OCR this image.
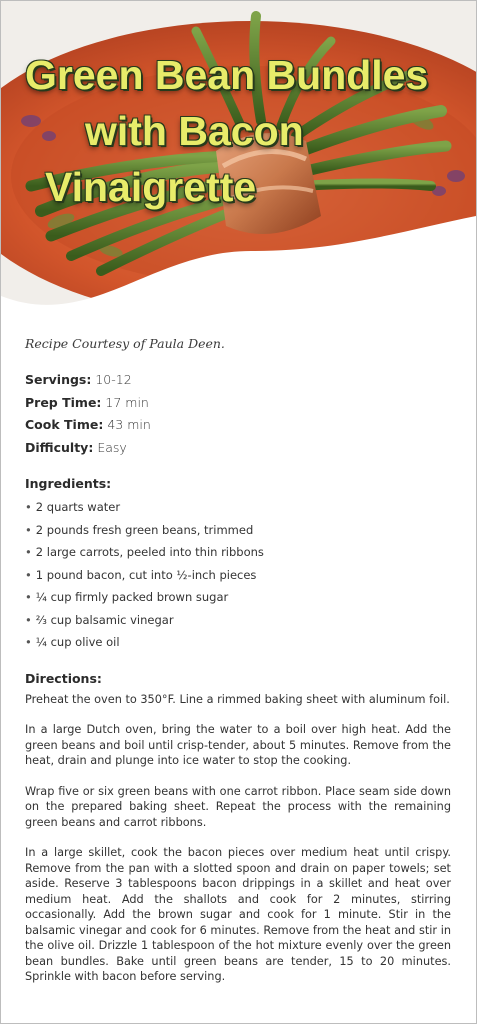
Green Bean Bundles
with Bacon
Vinaigrette

Recipe Courtesy of Paula Deen.

Servings: 10-12
Prep Time: 17 min
Cook Time: 43 min
Difficulty: Easy

Ingredients:

• 2 quarts water
• 2 pounds fresh green beans, trimmed
• 2 large carrots, peeled into thin ribbons
• 1 pound bacon, cut into ½-inch pieces
• ¼ cup firmly packed brown sugar
• ⅔ cup balsamic vinegar
• ¼ cup olive oil

Directions:

Preheat the oven to 350°F. Line a rimmed baking sheet with aluminum foil.

In a large Dutch oven, bring the water to a boil over high heat. Add the green beans and boil until crisp-tender, about 5 minutes. Remove from the heat, drain and plunge into ice water to stop the cooking.

Wrap five or six green beans with one carrot ribbon. Place seam side down on the prepared baking sheet. Repeat the process with the remaining green beans and carrot ribbons.

In a large skillet, cook the bacon pieces over medium heat until crispy. Remove from the pan with a slotted spoon and drain on paper towels; set aside. Reserve 3 tablespoons bacon drippings in a skillet and heat over medium heat. Add the shallots and cook for 2 minutes, stirring occasionally. Add the brown sugar and cook for 1 minute. Stir in the balsamic vinegar and cook for 6 minutes. Remove from the heat and stir in the olive oil. Drizzle 1 tablespoon of the hot mixture evenly over the green bean bundles. Bake until green beans are tender, 15 to 20 minutes. Sprinkle with bacon before serving.
